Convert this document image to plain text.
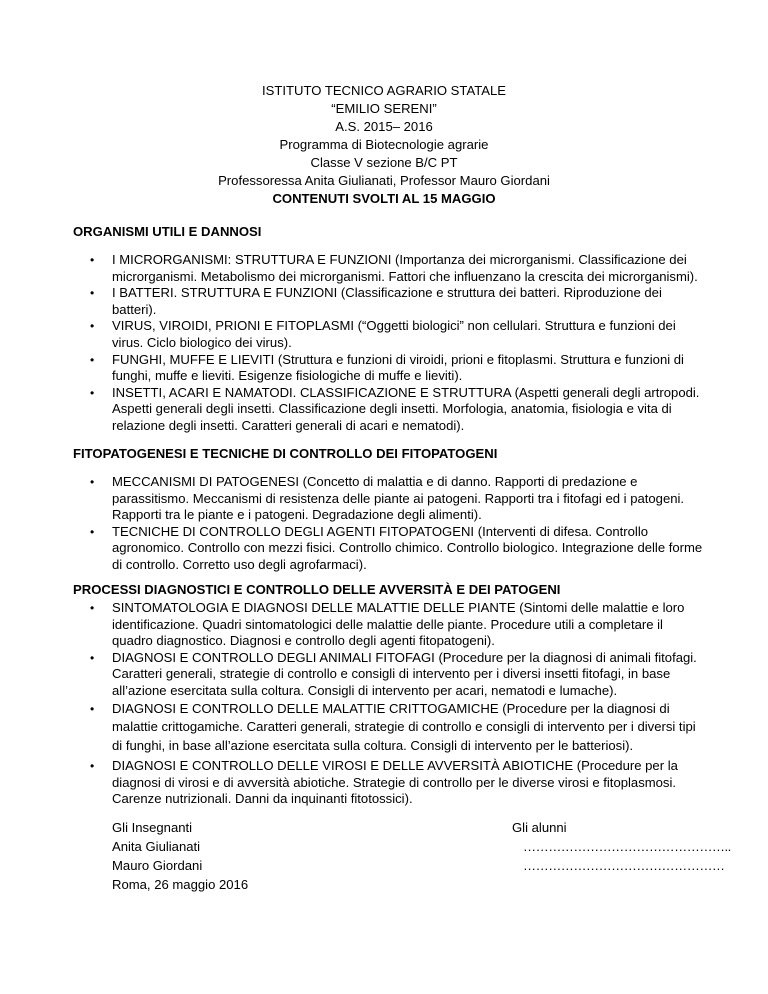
ISTITUTO TECNICO AGRARIO STATALE
“EMILIO SERENI”
A.S. 2015– 2016
Programma di Biotecnologie agrarie
Classe V sezione B/C PT
Professoressa Anita Giulianati, Professor Mauro Giordani
CONTENUTI SVOLTI AL 15 MAGGIO
ORGANISMI UTILI E DANNOSI
• I MICRORGANISMI: STRUTTURA E FUNZIONI (Importanza dei microrganismi. Classificazione dei microrganismi. Metabolismo dei microrganismi. Fattori che influenzano la crescita dei microrganismi).
• I BATTERI. STRUTTURA E FUNZIONI (Classificazione e struttura dei batteri. Riproduzione dei batteri).
• VIRUS, VIROIDI, PRIONI E FITOPLASMI (“Oggetti biologici” non cellulari. Struttura e funzioni dei virus. Ciclo biologico dei virus).
• FUNGHI, MUFFE E LIEVITI (Struttura e funzioni di viroidi, prioni e fitoplasmi. Struttura e funzioni di funghi, muffe e lieviti. Esigenze fisiologiche di muffe e lieviti).
• INSETTI, ACARI E NAMATODI. CLASSIFICAZIONE E STRUTTURA (Aspetti generali degli artropodi. Aspetti generali degli insetti. Classificazione degli insetti. Morfologia, anatomia, fisiologia e vita di relazione degli insetti. Caratteri generali di acari e nematodi).
FITOPATOGENESI E TECNICHE DI CONTROLLO DEI FITOPATOGENI
• MECCANISMI DI PATOGENESI (Concetto di malattia e di danno. Rapporti di predazione e parassitismo. Meccanismi di resistenza delle piante ai patogeni. Rapporti tra i fitofagi ed i patogeni. Rapporti tra le piante e i patogeni. Degradazione degli alimenti).
• TECNICHE DI CONTROLLO DEGLI AGENTI FITOPATOGENI (Interventi di difesa. Controllo agronomico. Controllo con mezzi fisici. Controllo chimico. Controllo biologico. Integrazione delle forme di controllo. Corretto uso degli agrofarmaci).
PROCESSI DIAGNOSTICI E CONTROLLO DELLE AVVERSITÀ E DEI PATOGENI
• SINTOMATOLOGIA E DIAGNOSI DELLE MALATTIE DELLE PIANTE (Sintomi delle malattie e loro identificazione. Quadri sintomatologici delle malattie delle piante. Procedure utili a completare il quadro diagnostico. Diagnosi e controllo degli agenti fitopatogeni).
• DIAGNOSI E CONTROLLO DEGLI ANIMALI FITOFAGI (Procedure per la diagnosi di animali fitofagi. Caratteri generali, strategie di controllo e consigli di intervento per i diversi insetti fitofagi, in base all’azione esercitata sulla coltura. Consigli di intervento per acari, nematodi e lumache).
• DIAGNOSI E CONTROLLO DELLE MALATTIE CRITTOGAMICHE (Procedure per la diagnosi di malattie crittogamiche. Caratteri generali, strategie di controllo e consigli di intervento per i diversi tipi di funghi, in base all’azione esercitata sulla coltura. Consigli di intervento per le batteriosi).
• DIAGNOSI E CONTROLLO DELLE VIROSI E DELLE AVVERSITÀ ABIOTICHE (Procedure per la diagnosi di virosi e di avversità abiotiche. Strategie di controllo per le diverse virosi e fitoplasmosi. Carenze nutrizionali. Danni da inquinanti fitotossici).
Gli Insegnanti
Anita Giulianati
Mauro Giordani
Roma, 26 maggio 2016
Gli alunni
…………………………………………..
…………………………………………
